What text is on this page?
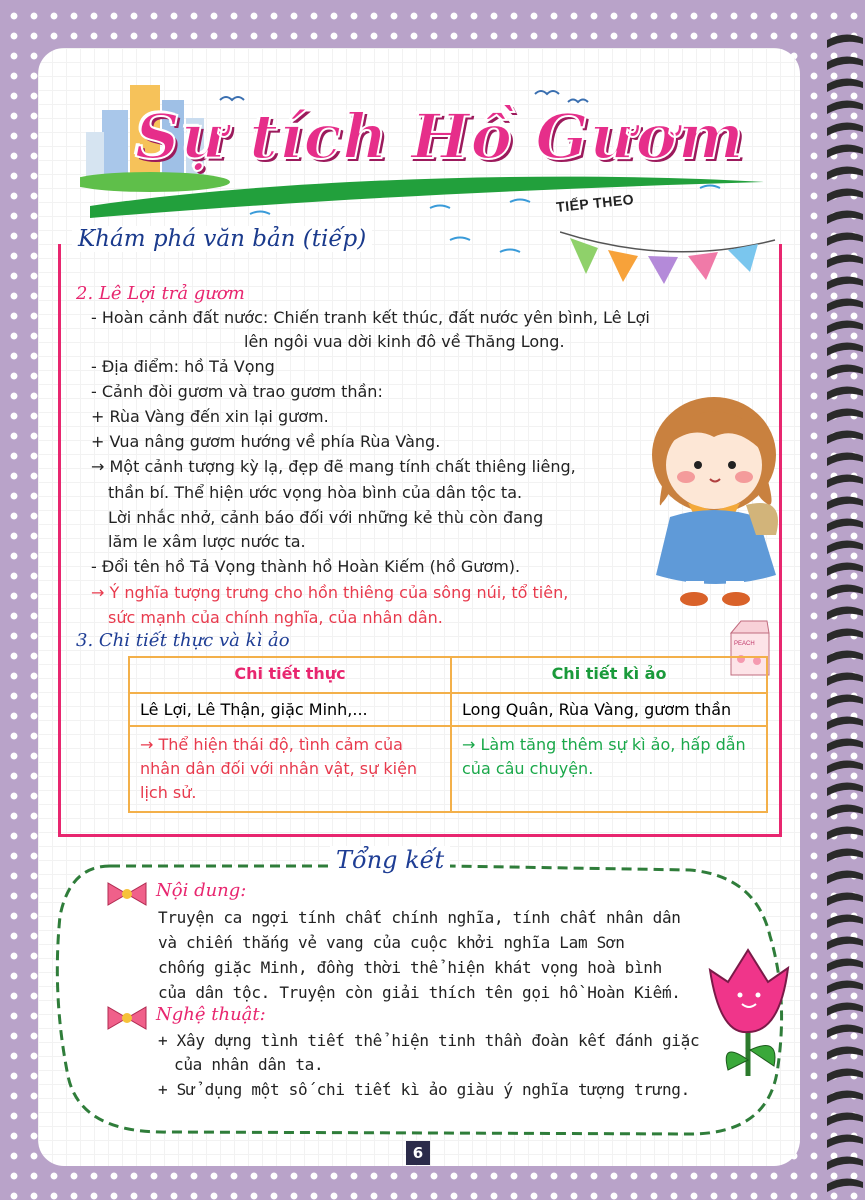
Sự tích Hồ Gươm
TIẾP THEO
Khám phá văn bản (tiếp)
2. Lê Lợi trả gươm
- Hoàn cảnh đất nước: Chiến tranh kết thúc, đất nước yên bình, Lê Lợi
lên ngôi vua dời kinh đô về Thăng Long.
- Địa điểm: hồ Tả Vọng
- Cảnh đòi gươm và trao gươm thần:
+ Rùa Vàng đến xin lại gươm.
+ Vua nâng gươm hướng về phía Rùa Vàng.
→ Một cảnh tượng kỳ lạ, đẹp đẽ mang tính chất thiêng liêng,
thần bí. Thể hiện ước vọng hòa bình của dân tộc ta.
Lời nhắc nhở, cảnh báo đối với những kẻ thù còn đang
lăm le xâm lược nước ta.
- Đổi tên hồ Tả Vọng thành hồ Hoàn Kiếm (hồ Gươm).
→ Ý nghĩa tượng trưng cho hồn thiêng của sông núi, tổ tiên,
sức mạnh của chính nghĩa, của nhân dân.
3. Chi tiết thực và kì ảo	PEACH
Chi tiết thực	Chi tiết kì ảo
Lê Lợi, Lê Thận, giặc Minh,...	Long Quân, Rùa Vàng, gươm thần
→ Thể hiện thái độ, tình cảm của nhân dân đối với nhân vật, sự kiện lịch sử.	→ Làm tăng thêm sự kì ảo, hấp dẫn của câu chuyện.
Tổng kết
Nội dung:
Truyện ca ngợi tính chất chính nghĩa, tính chất nhân dân
và chiến thắng vẻ vang của cuộc khởi nghĩa Lam Sơn
chống giặc Minh, đồng thời thể hiện khát vọng hoà bình
của dân tộc. Truyện còn giải thích tên gọi hồ Hoàn Kiếm.
Nghệ thuật:
+ Xây dựng tình tiết thể hiện tinh thần đoàn kết đánh giặc
của nhân dân ta.
+ Sử dụng một số chi tiết kì ảo giàu ý nghĩa tượng trưng.
6
